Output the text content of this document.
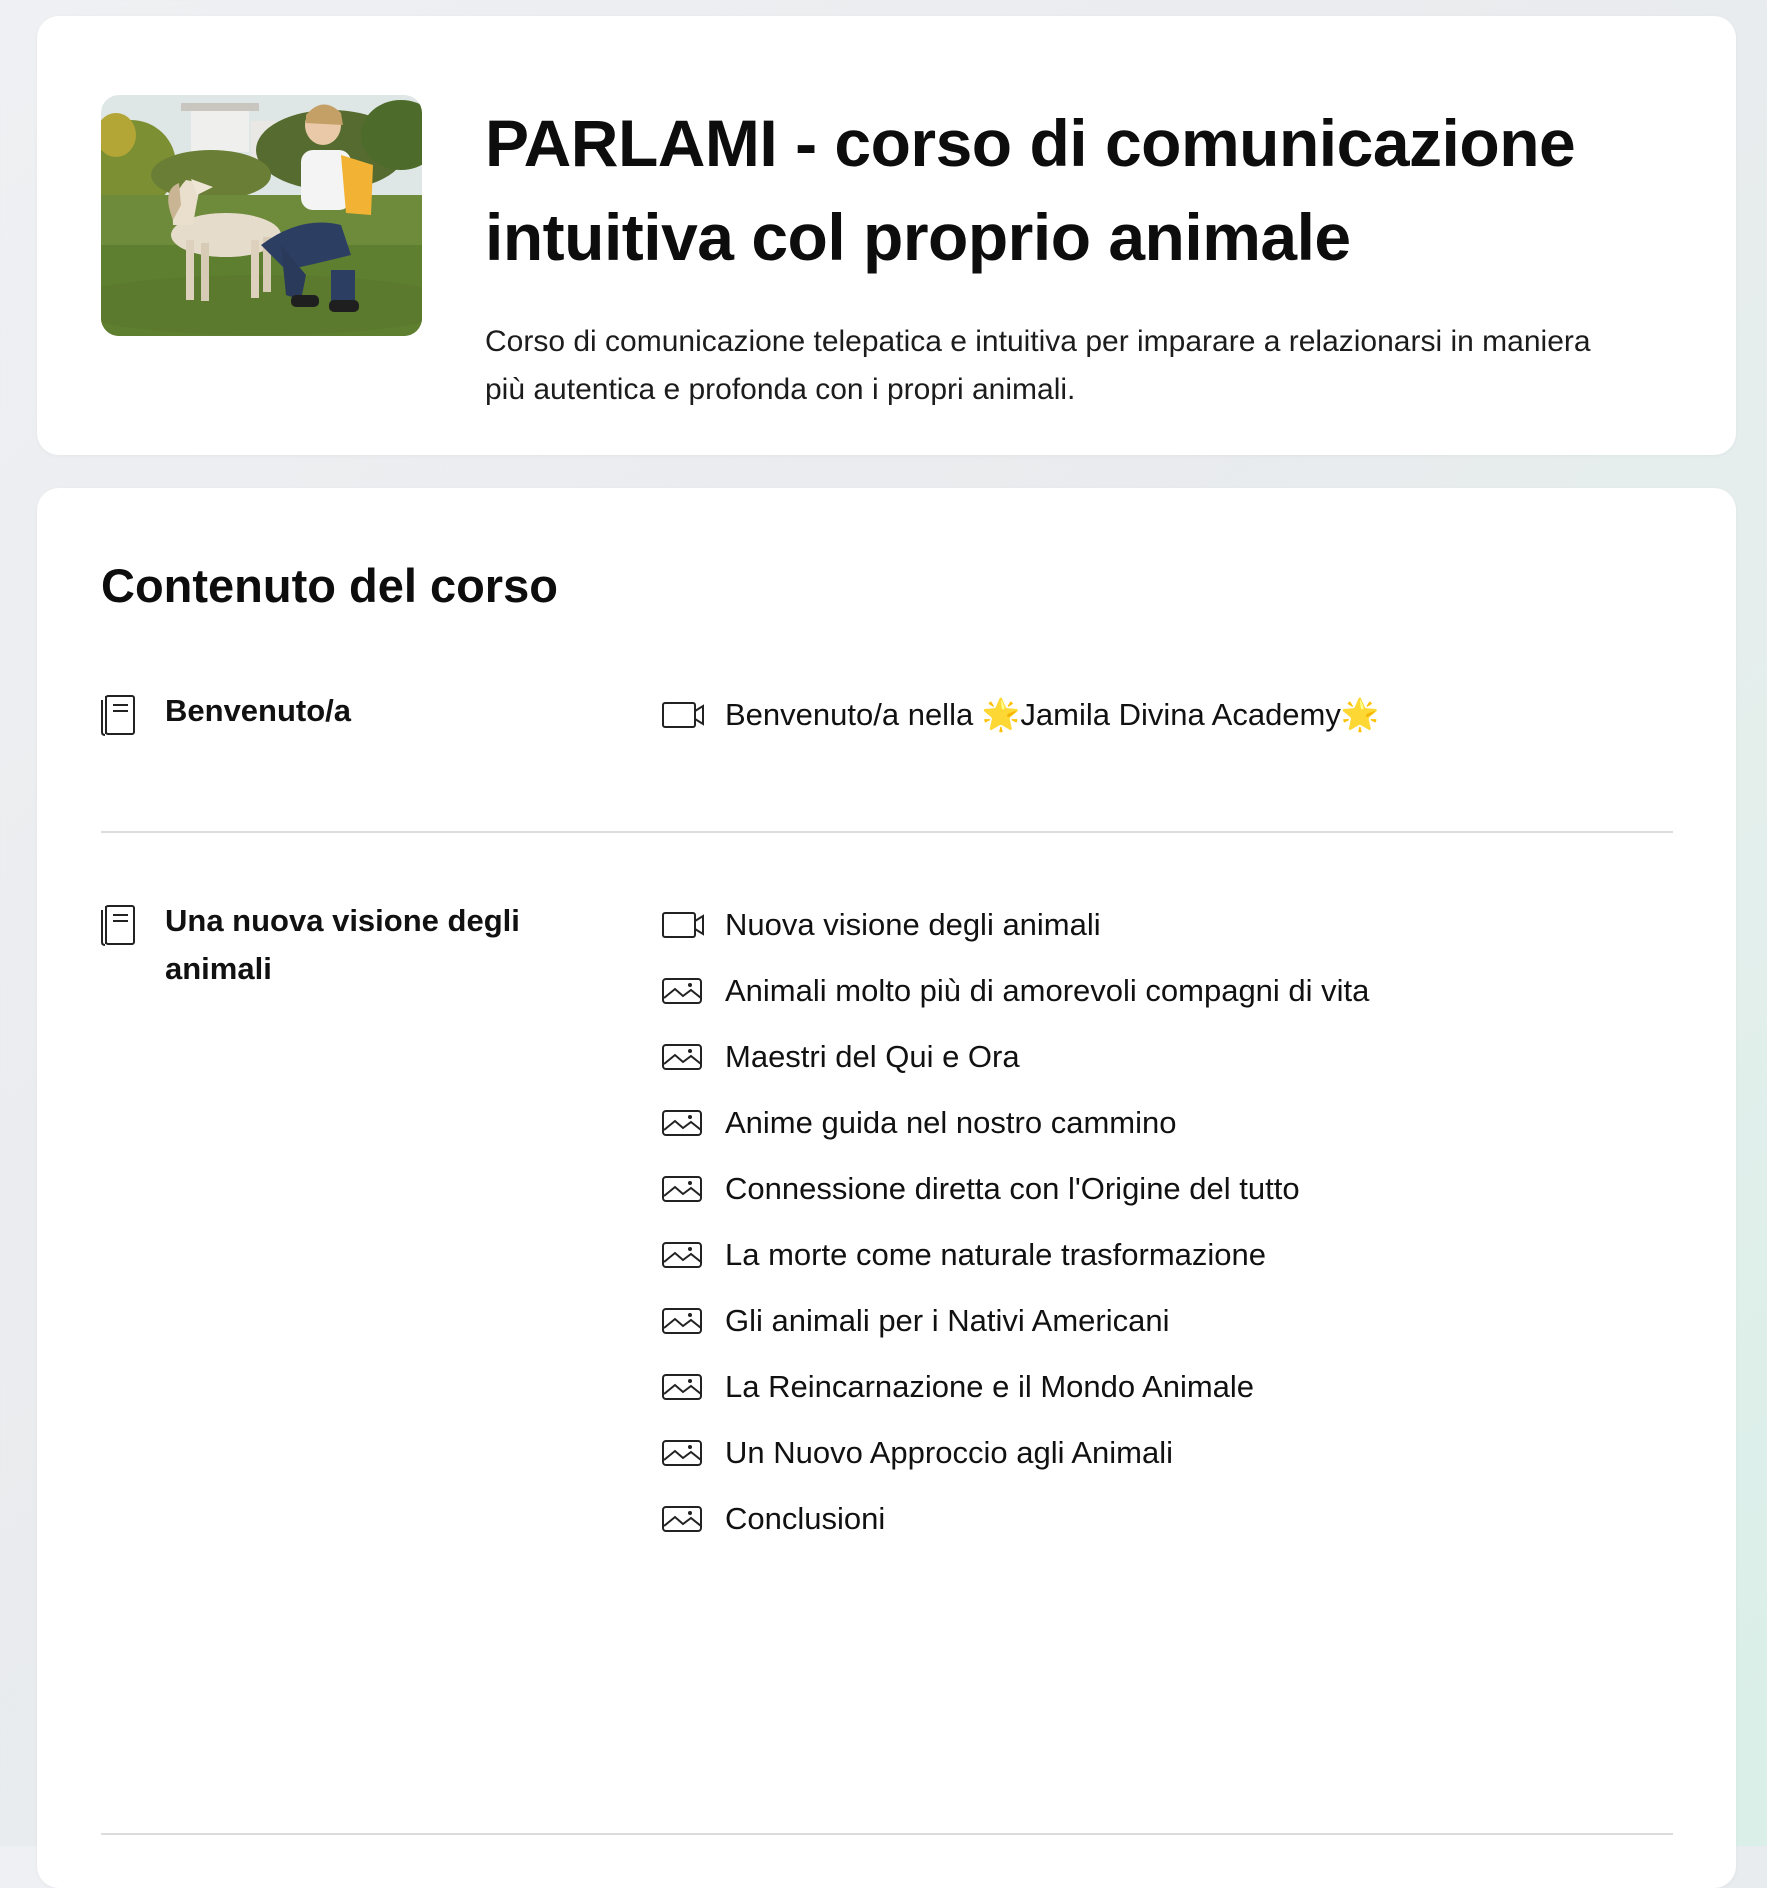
PARLAMI - corso di comunicazione intuitiva col proprio animale

Corso di comunicazione telepatica e intuitiva per imparare a relazionarsi in maniera più autentica e profonda con i propri animali.

Contenuto del corso
Benvenuto/a	Benvenuto/a nella 🌟Jamila Divina Academy🌟
Una nuova visione degli animali
Nuova visione degli animali
Animali molto più di amorevoli compagni di vita
Maestri del Qui e Ora
Anime guida nel nostro cammino
Connessione diretta con l'Origine del tutto
La morte come naturale trasformazione
Gli animali per i Nativi Americani
La Reincarnazione e il Mondo Animale
Un Nuovo Approccio agli Animali
Conclusioni
